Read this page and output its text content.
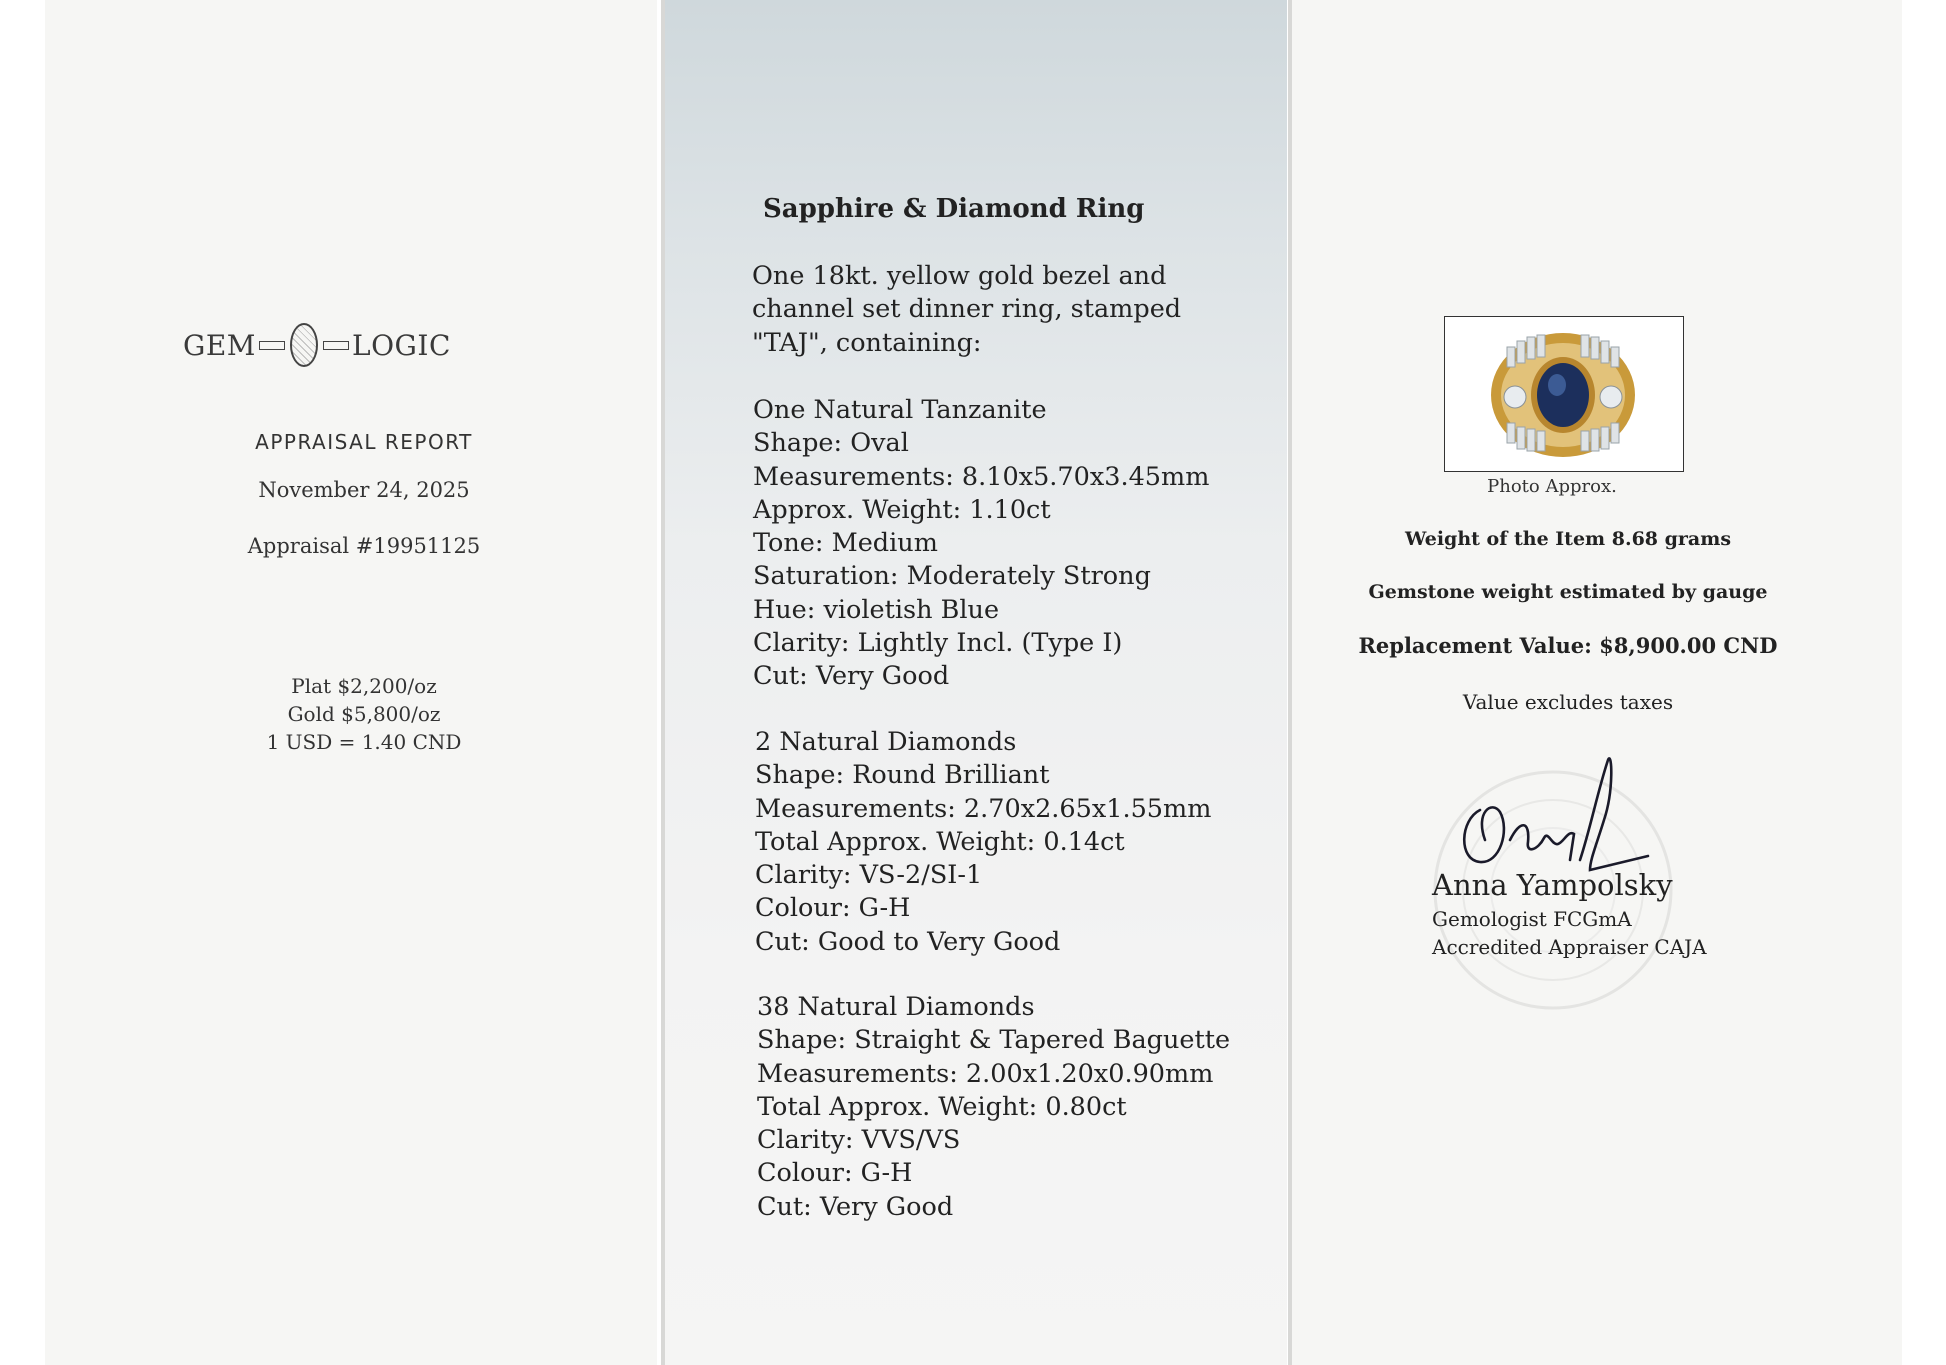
GEM	LOGIC
APPRAISAL REPORT
November 24, 2025
Appraisal #19951125
Plat $2,200/oz
Gold $5,800/oz
1 USD = 1.40 CND
Sapphire & Diamond Ring
One 18kt. yellow gold bezel and
channel set dinner ring, stamped
"TAJ", containing:
One Natural Tanzanite
Shape: Oval
Measurements: 8.10x5.70x3.45mm
Approx. Weight: 1.10ct
Tone: Medium
Saturation: Moderately Strong
Hue: violetish Blue
Clarity: Lightly Incl. (Type I)
Cut: Very Good
2 Natural Diamonds
Shape: Round Brilliant
Measurements: 2.70x2.65x1.55mm
Total Approx. Weight: 0.14ct
Clarity: VS-2/SI-1
Colour: G-H
Cut: Good to Very Good
38 Natural Diamonds
Shape: Straight & Tapered Baguette
Measurements: 2.00x1.20x0.90mm
Total Approx. Weight: 0.80ct
Clarity: VVS/VS
Colour: G-H
Cut: Very Good
Photo Approx.
Weight of the Item 8.68 grams
Gemstone weight estimated by gauge
Replacement Value: $8,900.00 CND
Value excludes taxes
Anna Yampolsky
Gemologist FCGmA
Accredited Appraiser CAJA
